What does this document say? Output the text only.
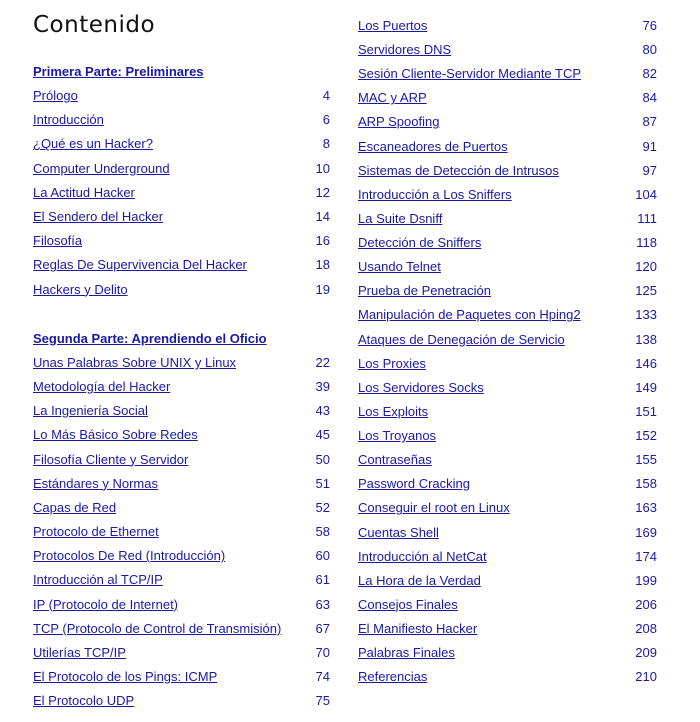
Contenido
Primera Parte: Preliminares
Prólogo	4
Introducción	6
¿Qué es un Hacker?	8
Computer Underground	10
La Actitud Hacker	12
El Sendero del Hacker	14
Filosofía	16
Reglas De Supervivencia Del Hacker	18
Hackers y Delito	19
Segunda Parte: Aprendiendo el Oficio
Unas Palabras Sobre UNIX y Linux	22
Metodología del Hacker	39
La Ingeniería Social	43
Lo Más Básico Sobre Redes	45
Filosofía Cliente y Servidor	50
Estándares y Normas	51
Capas de Red	52
Protocolo de Ethernet	58
Protocolos De Red (Introducción)	60
Introducción al TCP/IP	61
IP (Protocolo de Internet)	63
TCP (Protocolo de Control de Transmisión)	67
Utilerías TCP/IP	70
El Protocolo de los Pings: ICMP	74
El Protocolo UDP	75
Los Puertos	76
Servidores DNS	80
Sesión Cliente-Servidor Mediante TCP	82
MAC y ARP	84
ARP Spoofing	87
Escaneadores de Puertos	91
Sistemas de Detección de Intrusos	97
Introducción a Los Sniffers	104
La Suite Dsniff	111
Detección de Sniffers	118
Usando Telnet	120
Prueba de Penetración	125
Manipulación de Paquetes con Hping2	133
Ataques de Denegación de Servicio	138
Los Proxies	146
Los Servidores Socks	149
Los Exploits	151
Los Troyanos	152
Contraseñas	155
Password Cracking	158
Conseguir el root en Linux	163
Cuentas Shell	169
Introducción al NetCat	174
La Hora de la Verdad	199
Consejos Finales	206
El Manifiesto Hacker	208
Palabras Finales	209
Referencias	210
